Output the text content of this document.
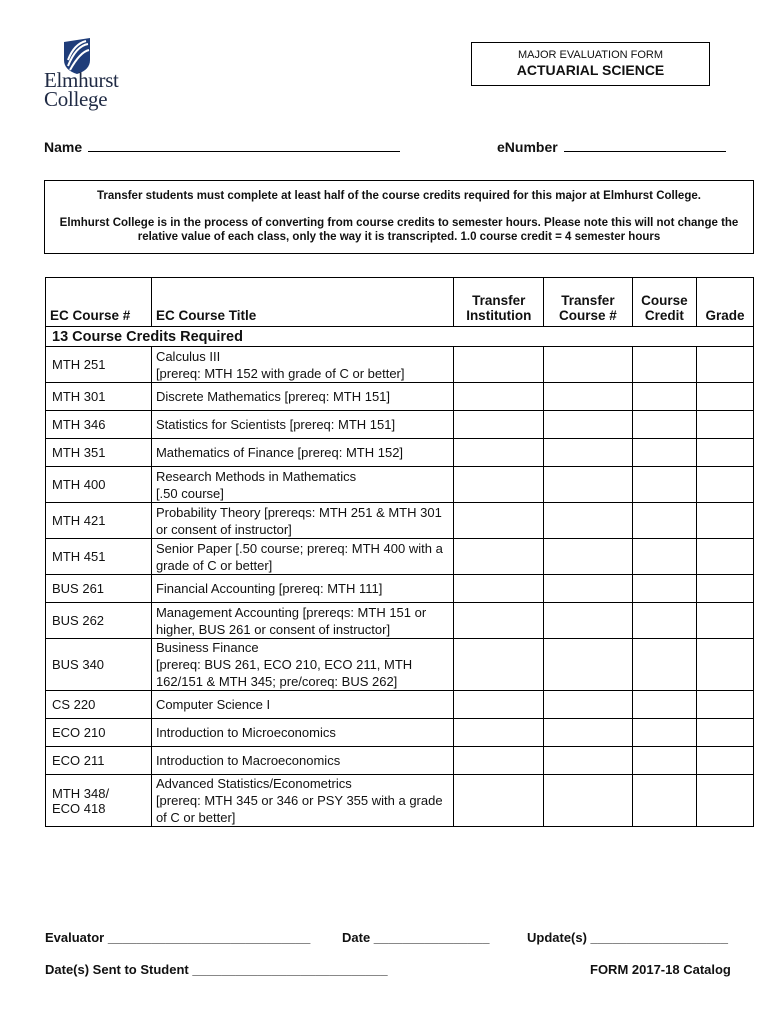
Elmhurst
College
MAJOR EVALUATION FORM
ACTUARIAL SCIENCE
Name	eNumber

Transfer students must complete at least half of the course credits required for this major at Elmhurst College.

Elmhurst College is in the process of converting from course credits to semester hours. Please note this will not change the relative value of each class, only the way it is transcripted. 1.0 course credit = 4 semester hours

EC Course #	EC Course Title	Transfer Institution	Transfer Course #	Course Credit	Grade
13 Course Credits Required					
MTH 251	Calculus III
[prereq: MTH 152 with grade of C or better]				
MTH 301	Discrete Mathematics [prereq: MTH 151]				
MTH 346	Statistics for Scientists [prereq: MTH 151]				
MTH 351	Mathematics of Finance [prereq: MTH 152]				
MTH 400	Research Methods in Mathematics
[.50 course]				
MTH 421	Probability Theory [prereqs: MTH 251 & MTH 301 or consent of instructor]				
MTH 451	Senior Paper [.50 course; prereq: MTH 400 with a grade of C or better]				
BUS 261	Financial Accounting [prereq: MTH 111]				
BUS 262	Management Accounting [prereqs: MTH 151 or higher, BUS 261 or consent of instructor]				
BUS 340	Business Finance
[prereq: BUS 261, ECO 210, ECO 211, MTH 162/151 & MTH 345; pre/coreq: BUS 262]				
CS 220	Computer Science I				
ECO 210	Introduction to Microeconomics				
ECO 211	Introduction to Macroeconomics				
MTH 348/
ECO 418	Advanced Statistics/Econometrics
[prereq: MTH 345 or 346 or PSY 355 with a grade of C or better]				
Evaluator ____________________________ Date ________________	Update(s) ___________________
Date(s) Sent to Student ___________________________	FORM 2017-18 Catalog
